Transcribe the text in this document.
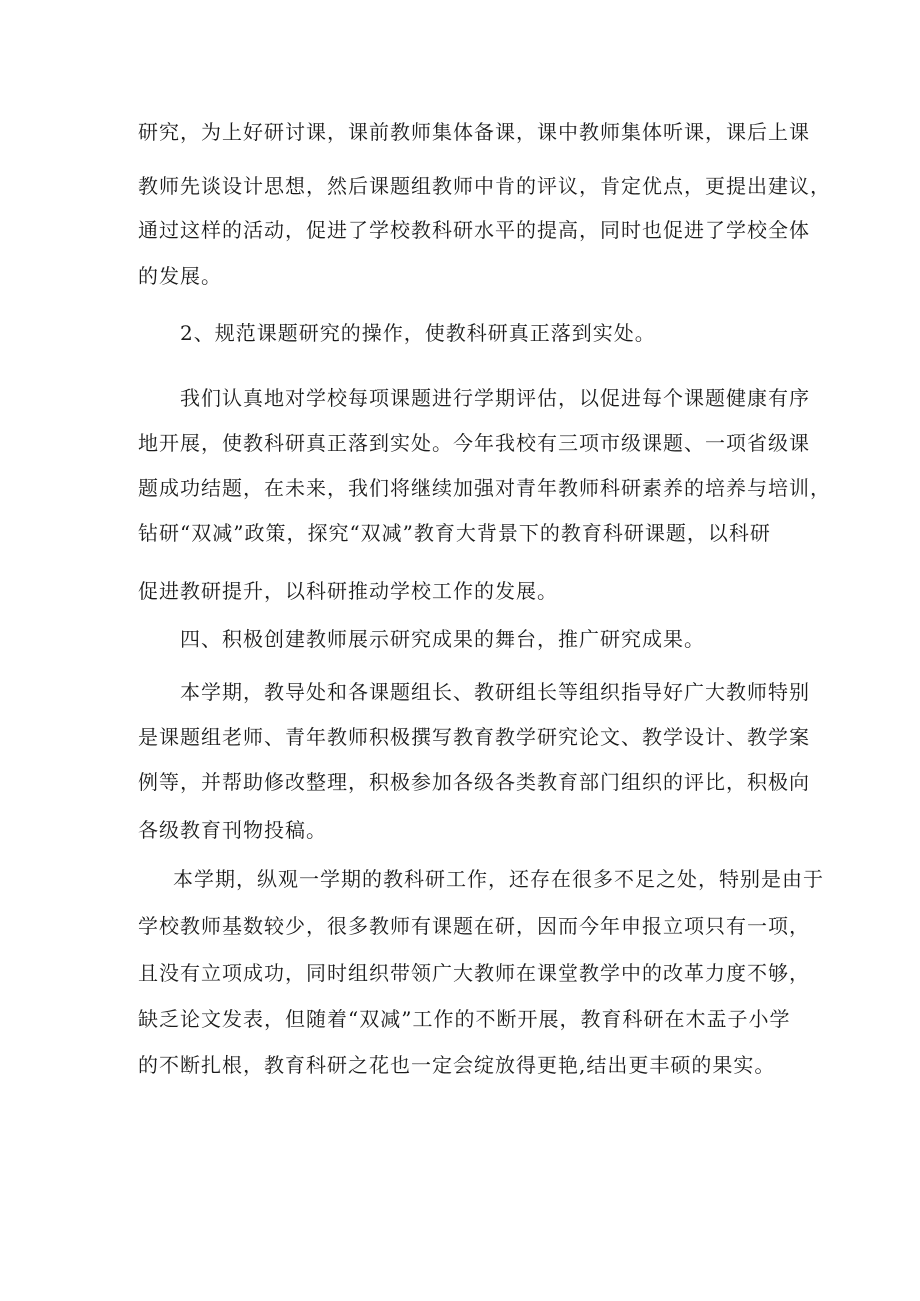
研究，为上好研讨课，课前教师集体备课，课中教师集体听课，课后上课
教师先谈设计思想，然后课题组教师中肯的评议，肯定优点，更提出建议，
通过这样的活动，促进了学校教科研水平的提高，同时也促进了学校全体
的发展。
2、规范课题研究的操作，使教科研真正落到实处。
我们认真地对学校每项课题进行学期评估，以促进每个课题健康有序
地开展，使教科研真正落到实处。今年我校有三项市级课题、一项省级课
题成功结题，在未来，我们将继续加强对青年教师科研素养的培养与培训，
钻研“双减”政策，探究“双减”教育大背景下的教育科研课题，以科研
促进教研提升，以科研推动学校工作的发展。
四、积极创建教师展示研究成果的舞台，推广研究成果。
本学期，教导处和各课题组长、教研组长等组织指导好广大教师特别
是课题组老师、青年教师积极撰写教育教学研究论文、教学设计、教学案
例等，并帮助修改整理，积极参加各级各类教育部门组织的评比，积极向
各级教育刊物投稿。
本学期，纵观一学期的教科研工作，还存在很多不足之处，特别是由于
学校教师基数较少，很多教师有课题在研，因而今年申报立项只有一项，
且没有立项成功，同时组织带领广大教师在课堂教学中的改革力度不够，
缺乏论文发表，但随着“双减”工作的不断开展，教育科研在木盂子小学
的不断扎根，教育科研之花也一定会绽放得更艳,结出更丰硕的果实。
